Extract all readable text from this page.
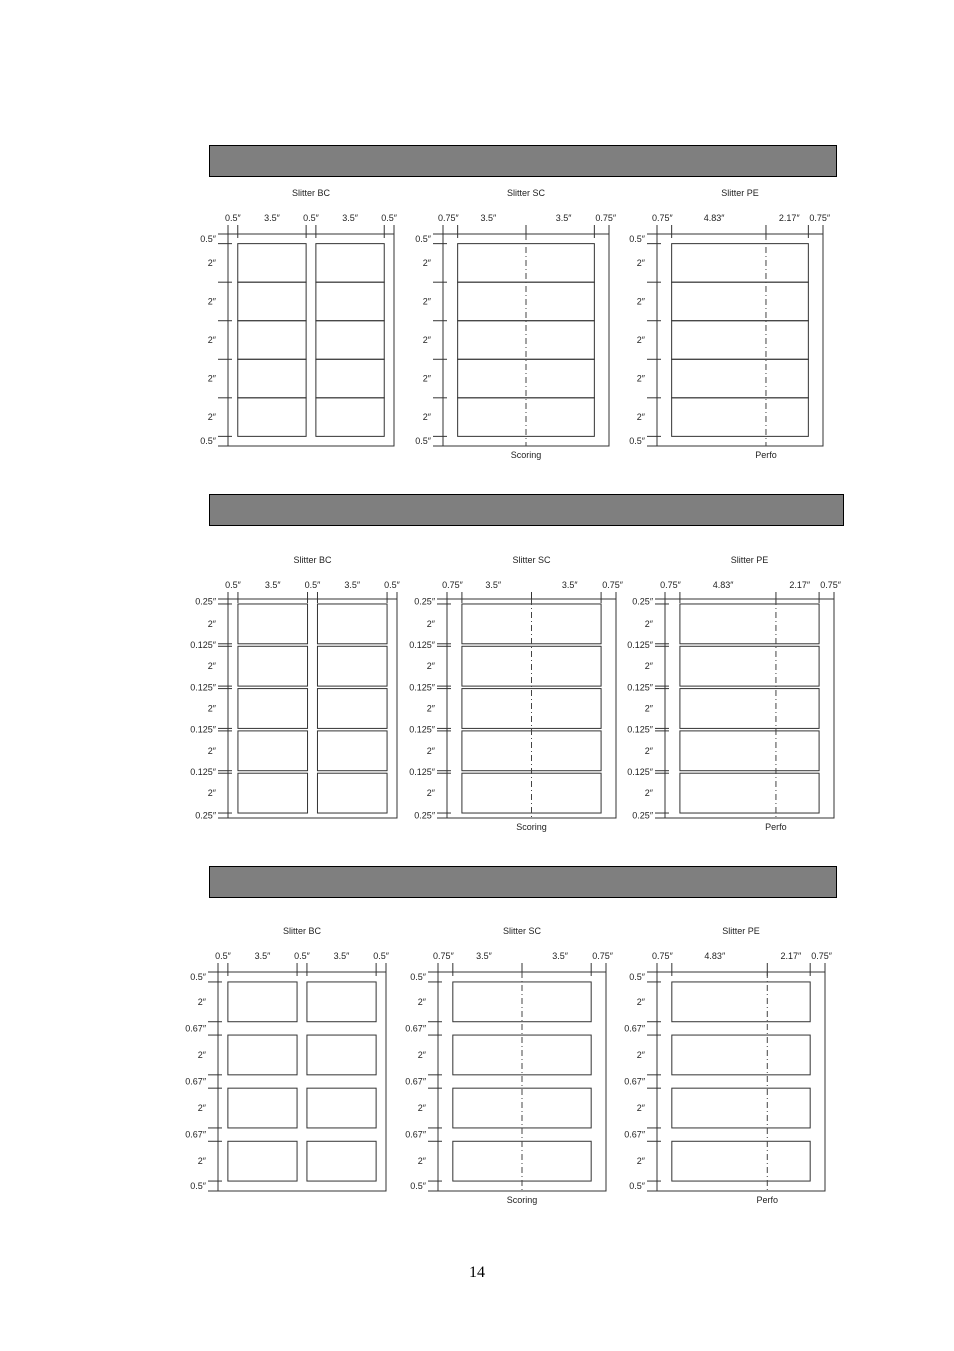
Slitter BC
0.5″	3.5″	0.5″	3.5″	0.5″
0.5″
2″
2″
2″
2″
2″
0.5″
Slitter SC
0.75″ 3.5″	3.5″	0.75″
0.5″
2″
2″
2″
2″
2″
0.5″
Scoring
Slitter PE
0.75″	4.83″	2.17″ 0.75″
0.5″
2″
2″
2″
2″
2″
0.5″
Perfo
Slitter BC
0.5″	3.5″	0.5″	3.5″	0.5″
0.25″
2″
0.125″
2″
0.125″
2″
0.125″
2″
0.125″
2″
0.25″
Slitter SC
0.75″	3.5″	3.5″	0.75″
0.25″
2″
0.125″
2″
0.125″
2″
0.125″
2″
0.125″
2″
0.25″
Scoring
Slitter PE
0.75″	4.83″	2.17″ 0.75″
0.25″
2″
0.125″
2″
0.125″
2″
0.125″
2″
0.125″
2″
0.25″
Perfo
Slitter BC
0.5″	3.5″	0.5″	3.5″	0.5″
0.5″
2″
0.67″
2″
0.67″
2″
0.67″
2″
0.5″
Slitter SC
0.75″ 3.5″	3.5″	0.75″
0.5″
2″
0.67″
2″
0.67″
2″
0.67″
2″
0.5″
Scoring
Slitter PE
0.75″	4.83″	2.17″ 0.75″
0.5″
2″
0.67″
2″
0.67″
2″
0.67″
2″
0.5″
Perfo
14
